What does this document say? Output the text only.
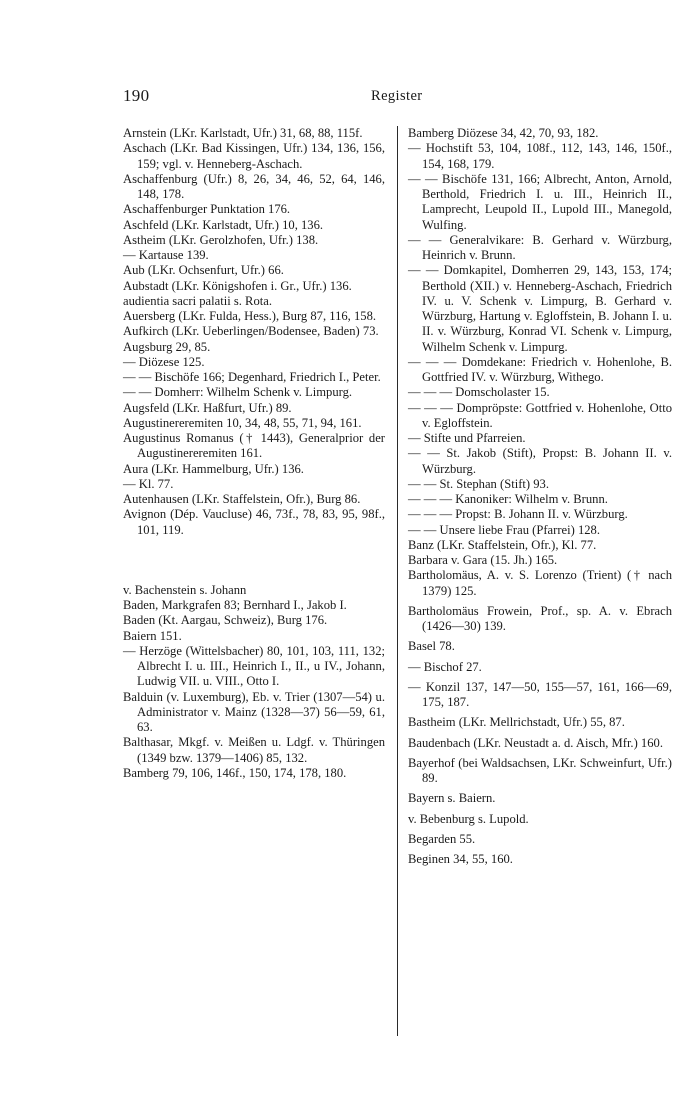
190	Register

Arnstein (LKr. Karlstadt, Ufr.) 31, 68, 88, 115f.

Aschach (LKr. Bad Kissingen, Ufr.) 134, 136, 156, 159; vgl. v. Henneberg-Aschach.

Aschaffenburg (Ufr.) 8, 26, 34, 46, 52, 64, 146, 148, 178.

Aschaffenburger Punktation 176.

Aschfeld (LKr. Karlstadt, Ufr.) 10, 136.

Astheim (LKr. Gerolzhofen, Ufr.) 138.

— Kartause 139.

Aub (LKr. Ochsenfurt, Ufr.) 66.

Aubstadt (LKr. Königshofen i. Gr., Ufr.) 136.

audientia sacri palatii s. Rota.

Auersberg (LKr. Fulda, Hess.), Burg 87, 116, 158.

Aufkirch (LKr. Ueberlingen/Bodensee, Baden) 73.

Augsburg 29, 85.

— Diözese 125.

— — Bischöfe 166; Degenhard, Friedrich I., Peter.

— — Domherr: Wilhelm Schenk v. Limpurg.

Augsfeld (LKr. Haßfurt, Ufr.) 89.

Augustinereremiten 10, 34, 48, 55, 71, 94, 161.

Augustinus Romanus († 1443), Generalprior der Augustinereremiten 161.

Aura (LKr. Hammelburg, Ufr.) 136.

— Kl. 77.

Autenhausen (LKr. Staffelstein, Ofr.), Burg 86.

Avignon (Dép. Vaucluse) 46, 73f., 78, 83, 95, 98f., 101, 119.

v. Bachenstein s. Johann

Baden, Markgrafen 83; Bernhard I., Jakob I.

Baden (Kt. Aargau, Schweiz), Burg 176.

Baiern 151.

— Herzöge (Wittelsbacher) 80, 101, 103, 111, 132; Albrecht I. u. III., Heinrich I., II., u IV., Johann, Ludwig VII. u. VIII., Otto I.

Balduin (v. Luxemburg), Eb. v. Trier (1307—54) u. Administrator v. Mainz (1328—37) 56—59, 61, 63.

Balthasar, Mkgf. v. Meißen u. Ldgf. v. Thüringen (1349 bzw. 1379—1406) 85, 132.

Bamberg 79, 106, 146f., 150, 174, 178, 180.

Bamberg Diözese 34, 42, 70, 93, 182.

— Hochstift 53, 104, 108f., 112, 143, 146, 150f., 154, 168, 179.

— — Bischöfe 131, 166; Albrecht, Anton, Arnold, Berthold, Friedrich I. u. III., Heinrich II., Lamprecht, Leupold II., Lupold III., Manegold, Wulfing.

— — Generalvikare: B. Gerhard v. Würzburg, Heinrich v. Brunn.

— — Domkapitel, Domherren 29, 143, 153, 174; Berthold (XII.) v. Henneberg-Aschach, Friedrich IV. u. V. Schenk v. Limpurg, B. Gerhard v. Würzburg, Hartung v. Egloffstein, B. Johann I. u. II. v. Würzburg, Konrad VI. Schenk v. Limpurg, Wilhelm Schenk v. Limpurg.

— — — Domdekane: Friedrich v. Hohenlohe, B. Gottfried IV. v. Würzburg, Withego.

— — — Domscholaster 15.

— — — Dompröpste: Gottfried v. Hohenlohe, Otto v. Egloffstein.

— Stifte und Pfarreien.

— — St. Jakob (Stift), Propst: B. Johann II. v. Würzburg.

— — St. Stephan (Stift) 93.

— — — Kanoniker: Wilhelm v. Brunn.

— — — Propst: B. Johann II. v. Würzburg.

— — Unsere liebe Frau (Pfarrei) 128.

Banz (LKr. Staffelstein, Ofr.), Kl. 77.

Barbara v. Gara (15. Jh.) 165.

Bartholomäus, A. v. S. Lorenzo (Trient) († nach 1379) 125.

Bartholomäus Frowein, Prof., sp. A. v. Ebrach (1426—30) 139.

Basel 78.

— Bischof 27.

— Konzil 137, 147—50, 155—57, 161, 166—69, 175, 187.

Bastheim (LKr. Mellrichstadt, Ufr.) 55, 87.

Baudenbach (LKr. Neustadt a. d. Aisch, Mfr.) 160.

Bayerhof (bei Waldsachsen, LKr. Schweinfurt, Ufr.) 89.

Bayern s. Baiern.

v. Bebenburg s. Lupold.

Begarden 55.

Beginen 34, 55, 160.
